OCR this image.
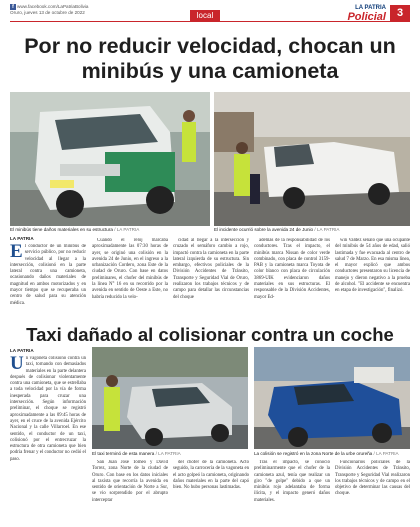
f www.facebook.com/LaPatriaBolivia
Oruro, jueves 13 de octubre de 2022	local
LA PATRIA
Policial 3
Por no reducir velocidad, chocan un minibús y una camioneta
El minibús tiene daños materiales en su estructura / LA PATRIA	El incidente ocurrió sobre la avenida 24 de Junio / LA PATRIA
LA PATRIA
El conductor de un minibús de servicio público, por no reducir velocidad al llegar a la intersección, colisionó en la parte lateral contra una camioneta, ocasionando daños materiales de magnitud en ambos motorizados y en mayor tiempo que se recuperaba un centro de salud para su atención médica.

Cuando el reloj marcaba aproximadamente las 07:30 horas de ayer, se originó una colisión en la avenida 24 de Junio, en el ingreso a la urbanización Cordero, zona Este de la ciudad de Oruro. Con base en datos preliminares, el chofer del minibús de la línea N° 16 en su recorrido por la avenida en sentido de Oeste a Este, no habría reducido la velo-

cidad al llegar a la intersección y cruzado el semáforo cambio a rojo, impactó contra la camioneta en la parte lateral izquierda de su estructura. Sin embargo, efectivos policiales de la División Accidentes de Tránsito, Transporte y Seguridad Vial de Oruro, realizaron los trabajos técnicos y de campo para detallar las circunstancias del choque

además de la responsabilidad de los conductores. Tras el impacto, el minibús marca Nissan de color verde combinado, con placa de control 3159-PAB y la camioneta marca Toyota de color blanco con placa de circulación 3869-UIK evidenciaron daños materiales en sus estructuras. El responsable de la División Accidentes, mayor Ed-

win Valdez señaló que una ocupante del minibús de 54 años de edad, salió lastimada y fue evacuada al centro de salud 7 de Marzo. En esa misma línea, el mayor explicó que ambos conductores presentaron su licencia de manejo y dieron negativo a la prueba de alcohol. "El accidente se encuentra en etapa de investigación", finalizó.

Taxi dañado al colisionar contra un coche
LA PATRIA
Un vagoneta colisionó contra un taxi, tornando con demasiados materiales en la parte delantera después de colisionar violentamente contra una camioneta, que se estrellaba a toda velocidad por la vía de forma inesperada para cruzar una intersección. Según información preliminar, el choque se registró aproximadamente a las 09:45 horas de ayer, en el cruce de la avenida Ejército Nacional y la calle Villarroel. En ese sentido, el conductor de un taxi, colisionó por el entrecruzar la estructura de otra camioneta que bien podría frenar y el conductor no cedió el paso.
El taxi terminó de esta manera / LA PATRIA

San Juan José Tomeo y David Torrez, zona Norte de la ciudad de Oruro. Con base en los datos iniciales al taxista que recorría la avenida en sentido de orientación de Norte a Sur, se vio sorprendido por el abrupto interceptar

del chofer de la camioneta. Acto seguido, la carrocería de la vagoneta en el acto golpeó la camioneta, originando daños materiales en la parte del capó bien. No hubo personas lastimadas.

La colisión se registró en la zona Norte de la urbe orureña / LA PATRIA

Tras el impacto, se conoció preliminarmente que el chofer de la camioneta azul, tenía que realizar un giro "de golpe" debido a que un minibús rojo adelantaba de forma ilícita, y el impacto generó daños materiales.

Funcionarios policiales de la División Accidentes de Tránsito, Transporte y Seguridad Vial realizaron los trabajos técnicos y de campo en el objetivo de determinar las causas del choque.
